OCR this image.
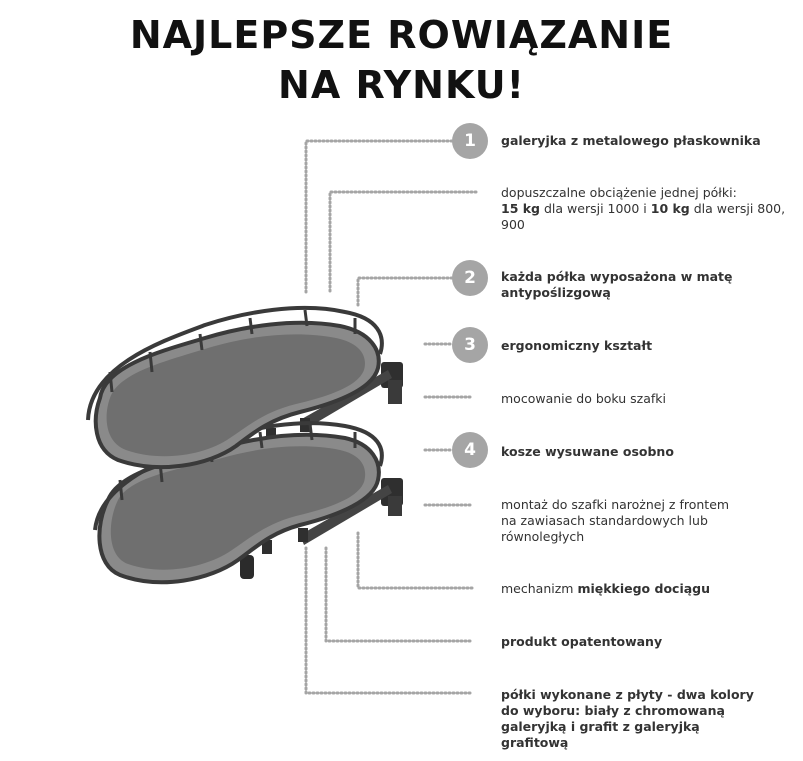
NAJLEPSZE ROWIĄZANIE
NA RYNKU!
1
2
3
4
galeryjka z metalowego płaskownika
dopuszczalne obciążenie jednej półki:
15 kg dla wersji 1000 i 10 kg dla wersji 800, 900
każda półka wyposażona w matę antypoślizgową
ergonomiczny kształt
mocowanie do boku szafki
kosze wysuwane osobno
montaż do szafki narożnej z frontem na zawiasach standardowych lub równoległych
mechanizm miękkiego dociągu
produkt opatentowany
półki wykonane z płyty - dwa kolory do wyboru: biały z chromowaną galeryjką i grafit z galeryjką grafitową
